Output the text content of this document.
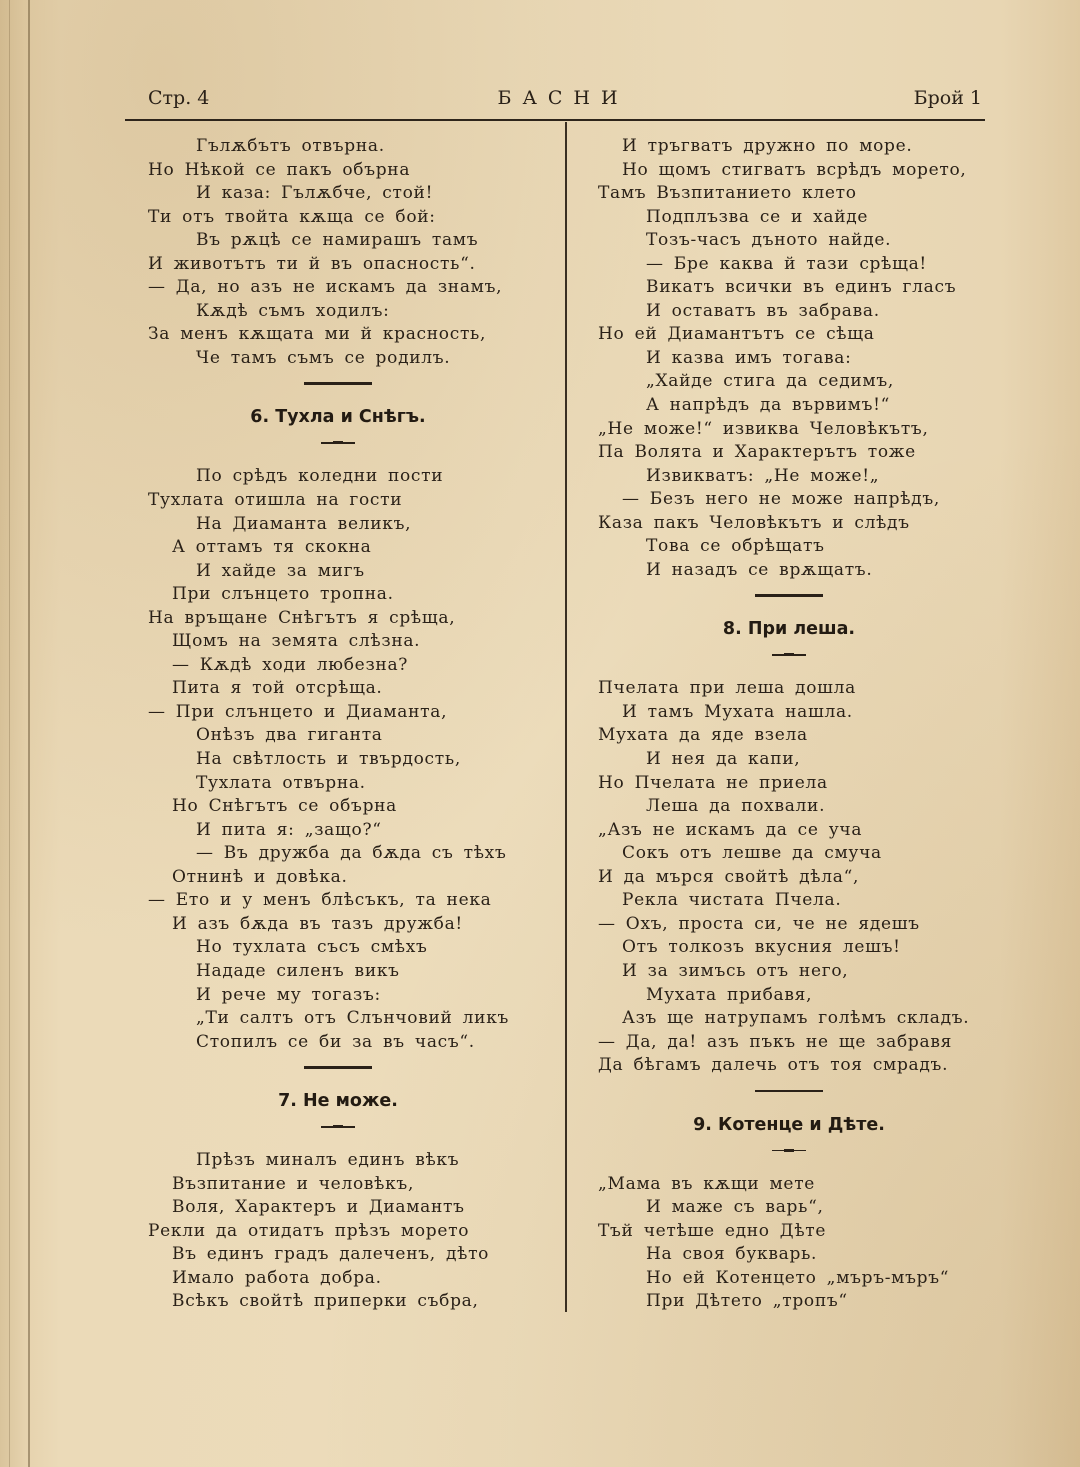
Стр. 4	БАСНИ	Брой 1
Гълѫбътъ отвърна.
Но Нѣкой се пакъ обърна
И каза: Гълѫбче, стой!
Ти отъ твойта кѫща се бой:
Въ рѫцѣ се намирашъ тамъ
И животътъ ти й въ опасность“.
— Да, но азъ не искамъ да знамъ,
Кѫдѣ съмъ ходилъ:
За менъ кѫщата ми й красность,
Че тамъ съмъ се родилъ.
6. Тухла и Снѣгъ.
По срѣдъ коледни пости
Тухлата отишла на гости
На Диаманта великъ,
А оттамъ тя скокна
И хайде за мигъ
При слънцето тропна.
На връщане Снѣгътъ я срѣща,
Щомъ на земята слѣзна.
— Кѫдѣ ходи любезна?
Пита я той отсрѣща.
— При слънцето и Диаманта,
Онѣзъ два гиганта
На свѣтлость и твърдость,
Тухлата отвърна.
Но Снѣгътъ се обърна
И пита я: „защо?“
— Въ дружба да бѫда съ тѣхъ
Отнинѣ и довѣка.
— Ето и у менъ блѣсъкъ, та нека
И азъ бѫда въ тазъ дружба!
Но тухлата съсъ смѣхъ
Нададе силенъ викъ
И рече му тогазъ:
„Ти салтъ отъ Слънчовий ликъ
Стопилъ се би за въ часъ“.
7. Не може.
Прѣзъ миналъ единъ вѣкъ
Възпитание и человѣкъ,
Воля, Характеръ и Диамантъ
Рекли да отидатъ прѣзъ морето
Въ единъ градъ далеченъ, дѣто
Имало работа добра.
Всѣкъ свойтѣ приперки събра,
И тръгватъ дружно по море.
Но щомъ стигватъ всрѣдъ морето,
Тамъ Възпитанието клето
Подплъзва се и хайде
Тозъ-часъ дъното найде.
— Бре каква й тази срѣща!
Викатъ всички въ единъ гласъ
И оставатъ въ забрава.
Но ей Диамантътъ се сѣща
И казва имъ тогава:
„Хайде стига да седимъ,
А напрѣдъ да вървимъ!“
„Не може!“ извиква Человѣкътъ,
Па Волята и Характерътъ тоже
Извикватъ: „Не може!„
— Безъ него не може напрѣдъ,
Каза пакъ Человѣкътъ и слѣдъ
Това се обрѣщатъ
И назадъ се врѫщатъ.
8. При леша.
Пчелата при леша дошла
И тамъ Мухата нашла.
Мухата да яде взела
И нея да капи,
Но Пчелата не приела
Леша да похвали.
„Азъ не искамъ да се уча
Сокъ отъ лешве да смуча
И да мърся свойтѣ дѣла“,
Рекла чистата Пчела.
— Охъ, проста си, че не ядешъ
Отъ толкозъ вкусния лешъ!
И за зимъсь отъ него,
Мухата прибавя,
Азъ ще натрупамъ голѣмъ складъ.
— Да, да! азъ пъкъ не ще забравя
Да бѣгамъ далечь отъ тоя смрадъ.
9. Котенце и Дѣте.
„Мама въ кѫщи мете
И маже съ варь“,
Тъй четѣше едно Дѣте
На своя букварь.
Но ей Котенцето „мъръ-мъръ“
При Дѣтето „тропъ“
